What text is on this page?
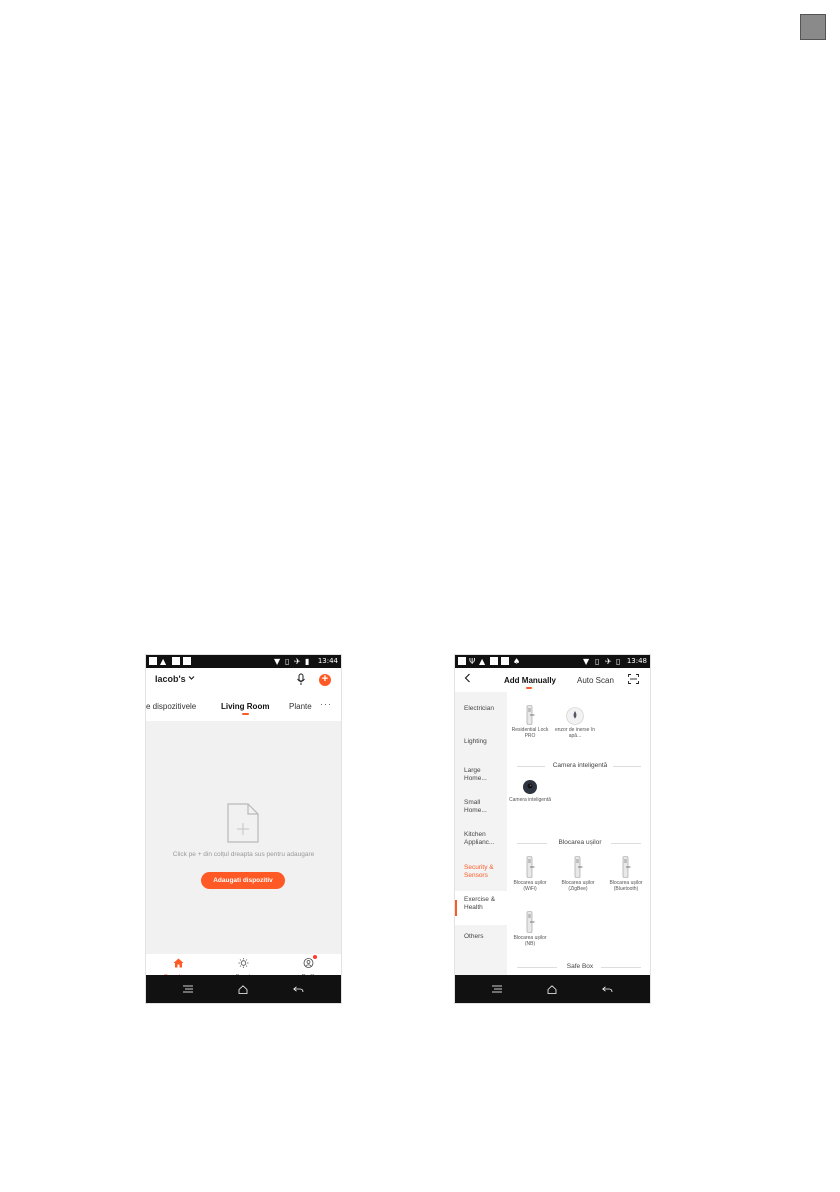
▲	▼ ▯ ✈ ▮ 13:44
Iacob's	+
e dispozitivele	Living Room Plante ···
Click pe + din colțul dreapta sus pentru adaugare
Adaugati dispozitiv
Ψ ▲	♠	▼ ▯ ✈ ▯ 13:48
Add Manually	Auto Scan
Electrician
Lighting
Large Home...
Small Home...
Kitchen Applianc...
Security & Sensors
Exercise & Health
Others
Residential Lock PRO
enzor de inerse în apă...
Camera inteligentă
Camera inteligentă
Blocarea ușilor
Blocarea ușilor (WiFi)
Blocarea ușilor (ZigBee)
Blocarea ușilor (Bluetooth)
Blocarea ușilor (NB)
Safe Box
